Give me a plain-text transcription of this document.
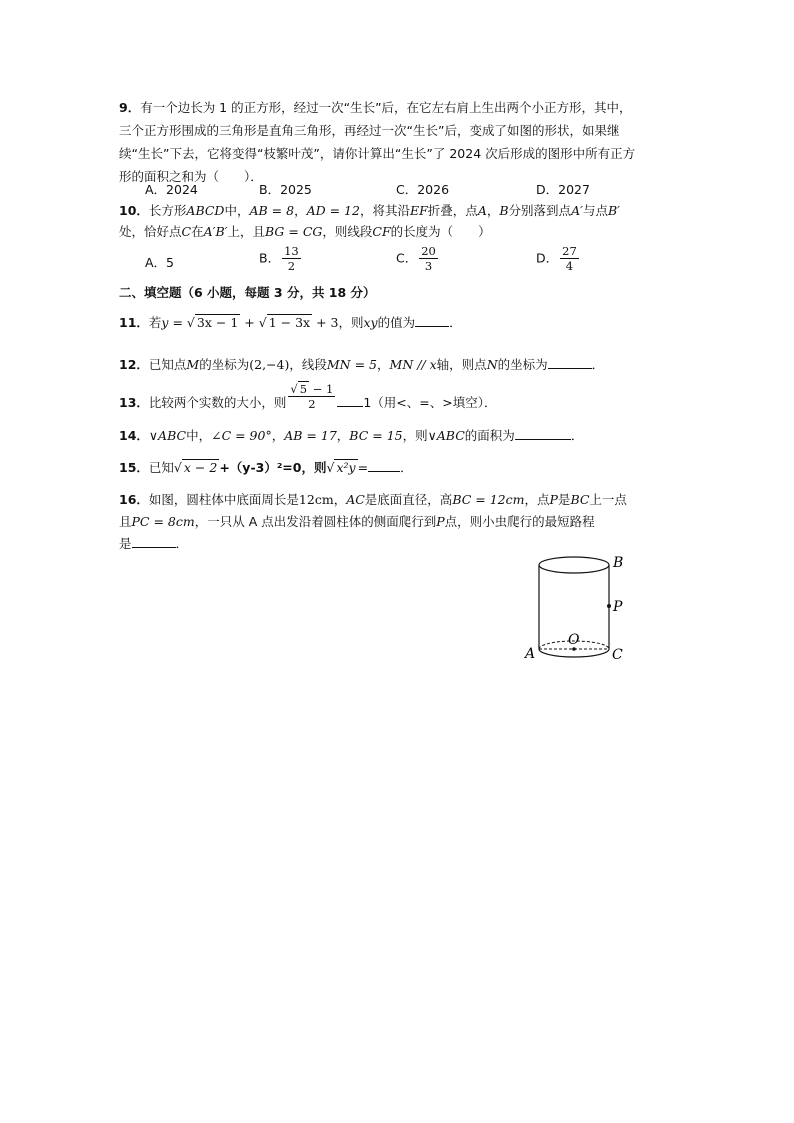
9．有一个边长为 1 的正方形，经过一次“生长”后，在它左右肩上生出两个小正方形，其中，
三个正方形围成的三角形是直角三角形，再经过一次“生长”后，变成了如图的形状，如果继
续“生长”下去，它将变得“枝繁叶茂”，请你计算出“生长”了 2024 次后形成的图形中所有正方
形的面积之和为（　　）．
A．2024	B．2025	C．2026	D．2027
10．长方形ABCD中，AB = 8，AD = 12，将其沿EF折叠，点A，B分别落到点A′与点B′
处，恰好点C在A′B′上，且BG = CG，则线段CF的长度为（　　）
A．5	B． $\frac{13}{2}$	C． $\frac{20}{3}$	D． $\frac{27}{4}$
二、填空题（6 小题，每题 3 分，共 18 分）
11．若y = √ 3x − 1 + √ 1 − 3x + 3，则xy的值为	．
12．已知点M的坐标为(2,−4)，线段MN = 5，MN // x轴，则点N的坐标为	．
13．比较两个实数的大小，则 $\frac{√ 5 - 1}{2} 1$（用<、=、>填空）．
14．∨ABC中，∠C = 90°，AB = 17，BC = 15，则∨ABC的面积为	．
15．已知√ x − 2 +（y-3）²=0，则√ x²y =	．
16．如图，圆柱体中底面周长是12cm，AC是底面直径，高BC = 12cm，点P是BC上一点
且PC = 8cm，一只从 A 点出发沿着圆柱体的侧面爬行到P点，则小虫爬行的最短路程
是	．
B
P
O
A	C
